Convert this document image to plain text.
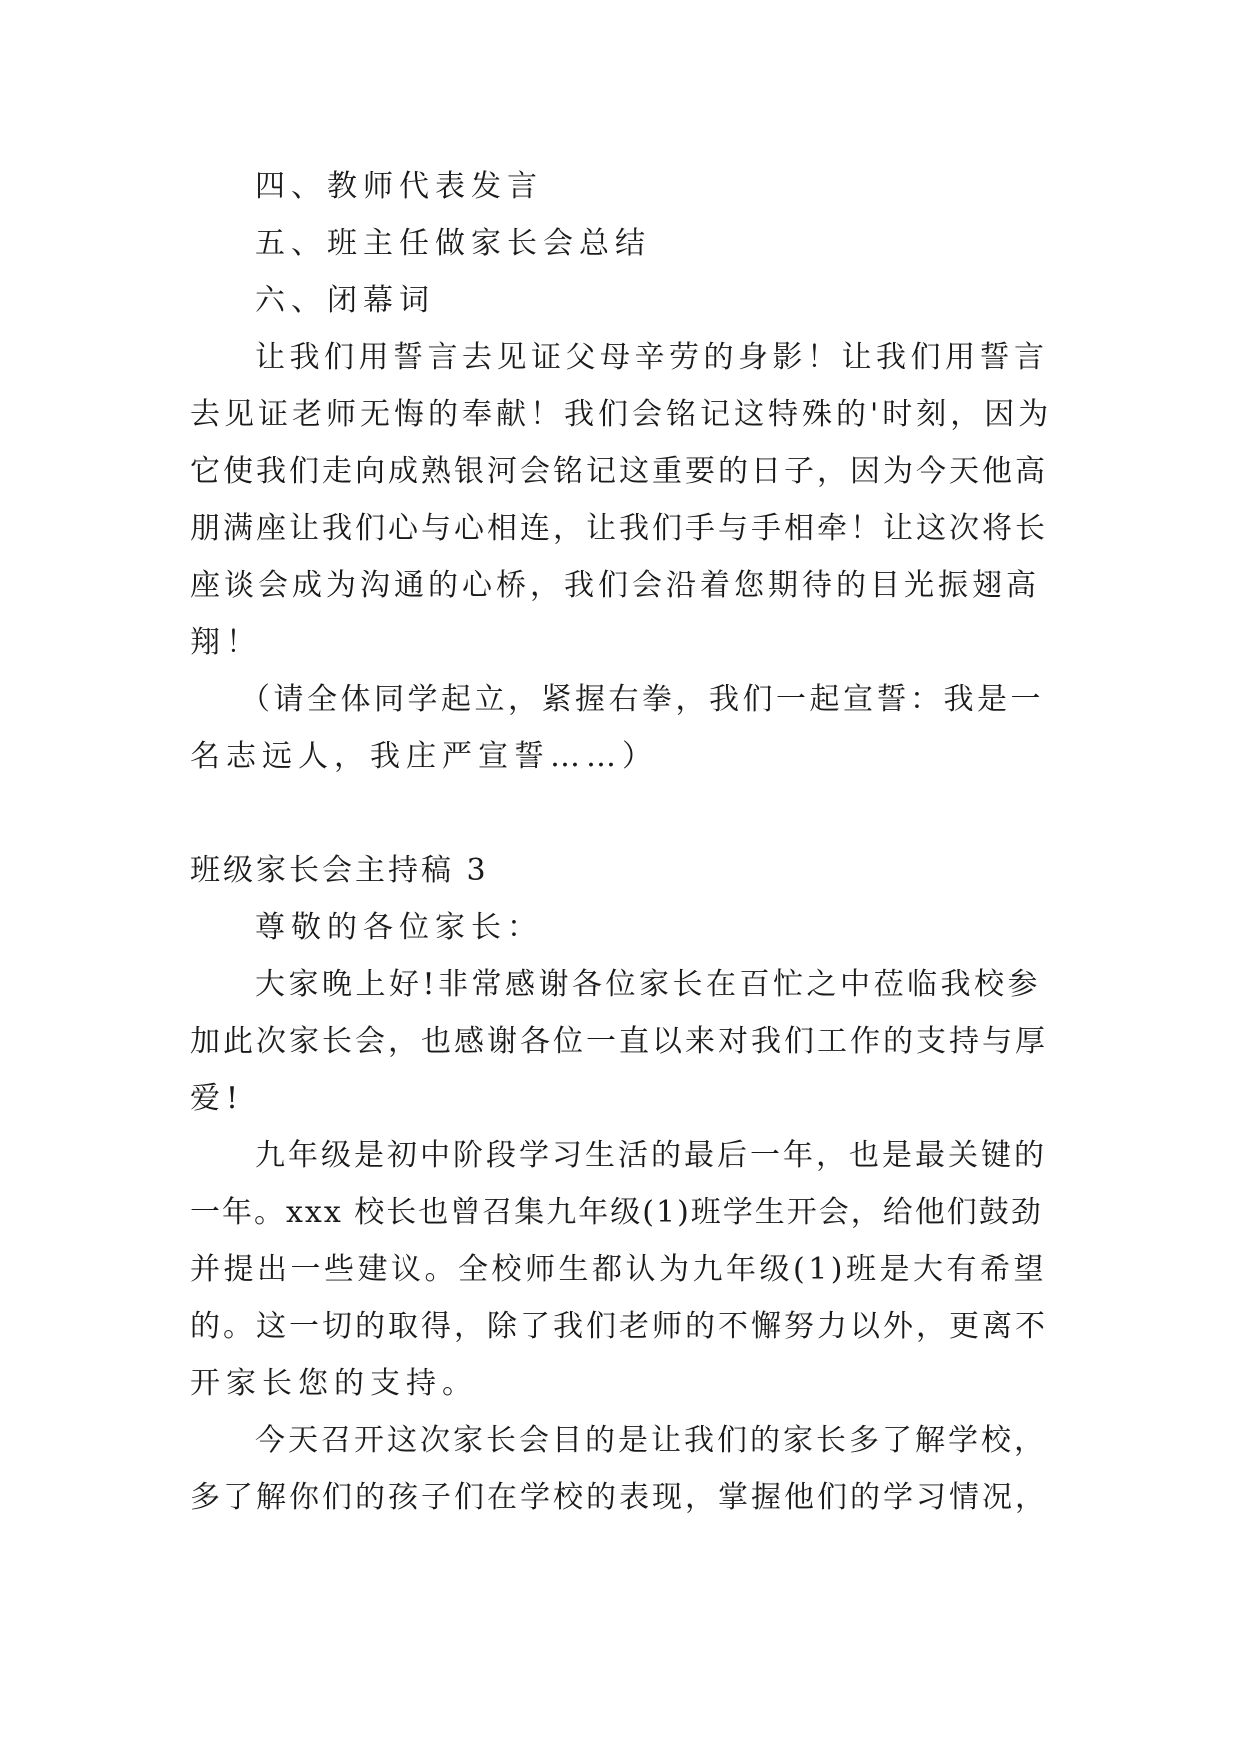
四、教师代表发言

五、班主任做家长会总结

六、闭幕词

让我们用誓言去见证父母辛劳的身影！让我们用誓言

去见证老师无悔的奉献！我们会铭记这特殊的'时刻，因为

它使我们走向成熟银河会铭记这重要的日子，因为今天他高

朋满座让我们心与心相连，让我们手与手相牵！让这次将长

座谈会成为沟通的心桥，我们会沿着您期待的目光振翅高

翔！

（请全体同学起立，紧握右拳，我们一起宣誓：我是一

名志远人，我庄严宣誓……）

班级家长会主持稿 3

尊敬的各位家长：

大家晚上好!非常感谢各位家长在百忙之中莅临我校参

加此次家长会，也感谢各位一直以来对我们工作的支持与厚

爱!

九年级是初中阶段学习生活的最后一年，也是最关键的

一年。xxx 校长也曾召集九年级(1)班学生开会，给他们鼓劲

并提出一些建议。全校师生都认为九年级(1)班是大有希望

的。这一切的取得，除了我们老师的不懈努力以外，更离不

开家长您的支持。

今天召开这次家长会目的是让我们的家长多了解学校，

多了解你们的孩子们在学校的表现，掌握他们的学习情况，
